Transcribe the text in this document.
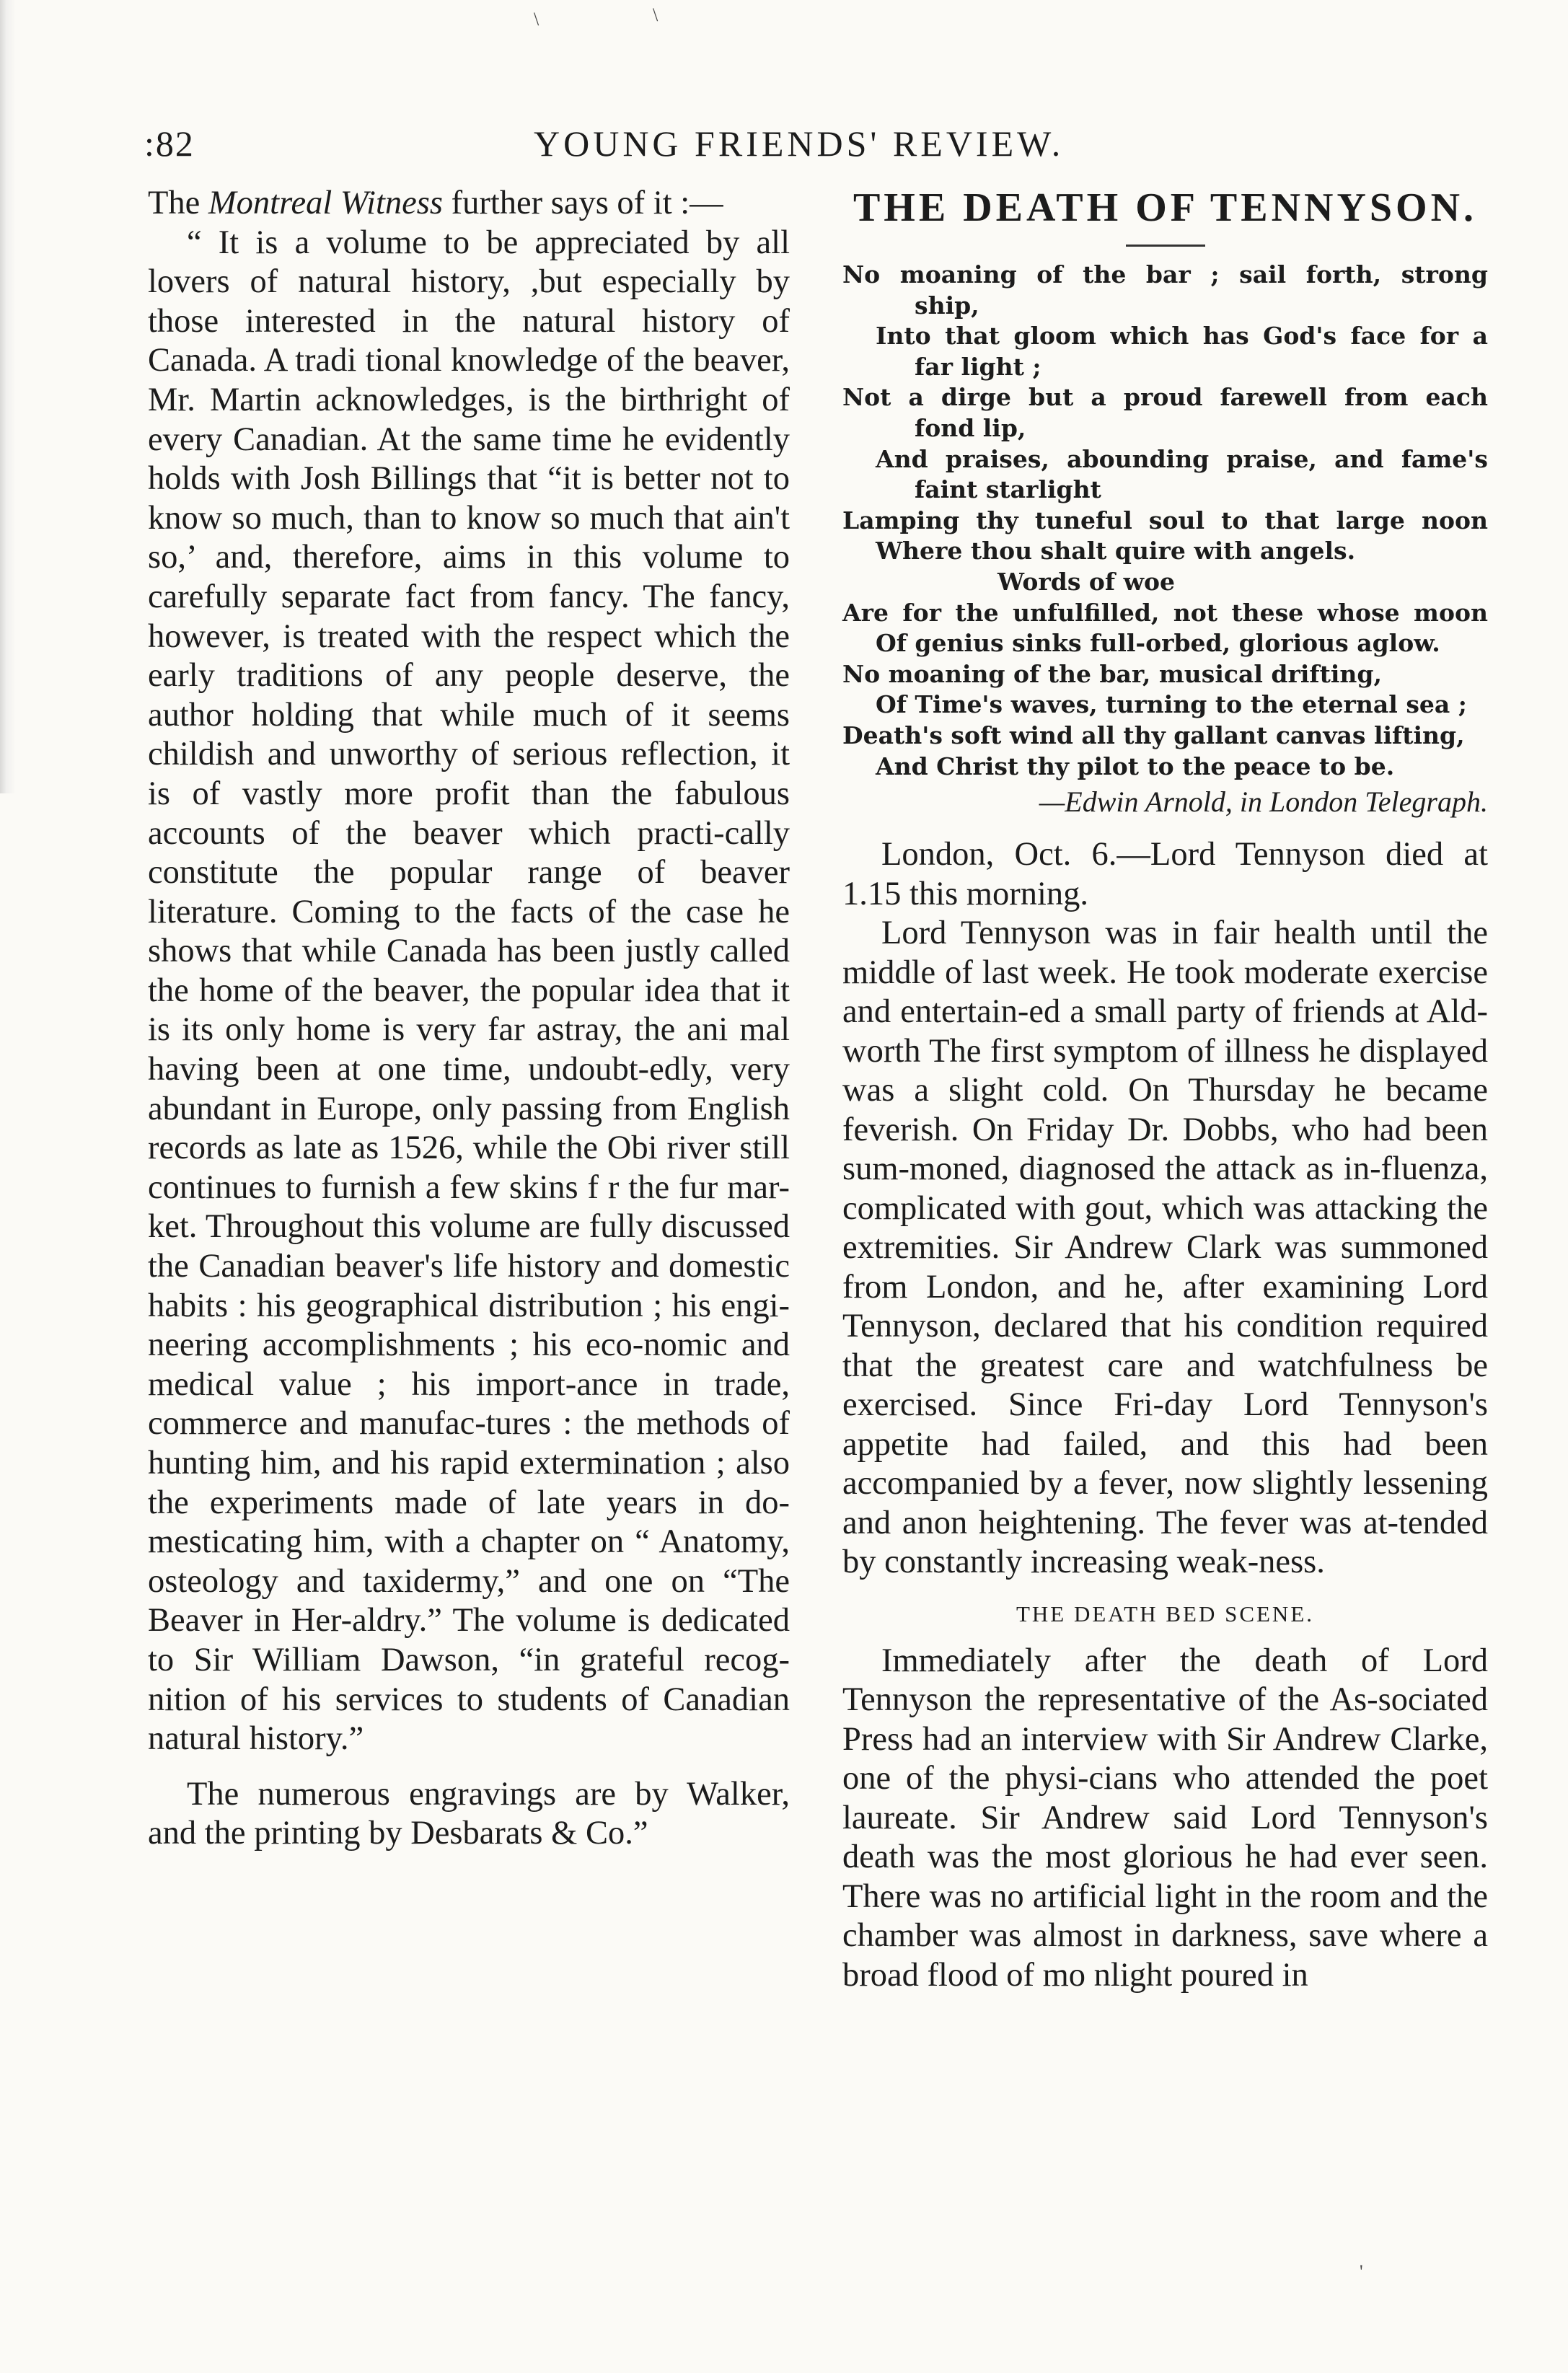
\	\
'
:82	YOUNG FRIENDS' REVIEW.

The Montreal Witness further says of it :—

“ It is a volume to be appreciated by all lovers of natural history, ,but especially by those interested in the natural history of Canada. A tradi tional knowledge of the beaver, Mr. Martin acknowledges, is the birthright of every Canadian. At the same time he evidently holds with Josh Billings that “it is better not to know so much, than to know so much that ain't so,’ and, therefore, aims in this volume to carefully separate fact from fancy. The fancy, however, is treated with the respect which the early traditions of any people deserve, the author holding that while much of it seems childish and unworthy of serious reflection, it is of vastly more profit than the fabulous accounts of the beaver which practi-cally constitute the popular range of beaver literature. Coming to the facts of the case he shows that while Canada has been justly called the home of the beaver, the popular idea that it is its only home is very far astray, the ani mal having been at one time, undoubt-edly, very abundant in Europe, only passing from English records as late as 1526, while the Obi river still continues to furnish a few skins f r the fur mar-ket. Throughout this volume are fully discussed the Canadian beaver's life history and domestic habits : his geographical distribution ; his engi-neering accomplishments ; his eco-nomic and medical value ; his import-ance in trade, commerce and manufac-tures : the methods of hunting him, and his rapid extermination ; also the experiments made of late years in do-mesticating him, with a chapter on “ Anatomy, osteology and taxidermy,” and one on “The Beaver in Her-aldry.” The volume is dedicated to Sir William Dawson, “in grateful recog-nition of his services to students of Canadian natural history.”

The numerous engravings are by Walker, and the printing by Desbarats & Co.”

THE DEATH OF TENNYSON.

No moaning of the bar ; sail forth, strong

ship,

Into that gloom which has God's face for a

far light ;

Not a dirge but a proud farewell from each

fond lip,

And praises, abounding praise, and fame's

faint starlight

Lamping thy tuneful soul to that large noon

Where thou shalt quire with angels.

Words of woe

Are for the unfulfilled, not these whose moon

Of genius sinks full-orbed, glorious aglow.

No moaning of the bar, musical drifting,

Of Time's waves, turning to the eternal sea ;

Death's soft wind all thy gallant canvas lifting,

And Christ thy pilot to the peace to be.

—Edwin Arnold, in London Telegraph.

London, Oct. 6.—Lord Tennyson died at 1.15 this morning.

Lord Tennyson was in fair health until the middle of last week. He took moderate exercise and entertain-ed a small party of friends at Ald-worth The first symptom of illness he displayed was a slight cold. On Thursday he became feverish. On Friday Dr. Dobbs, who had been sum-moned, diagnosed the attack as in-fluenza, complicated with gout, which was attacking the extremities. Sir Andrew Clark was summoned from London, and he, after examining Lord Tennyson, declared that his condition required that the greatest care and watchfulness be exercised. Since Fri-day Lord Tennyson's appetite had failed, and this had been accompanied by a fever, now slightly lessening and anon heightening. The fever was at-tended by constantly increasing weak-ness.

THE DEATH BED SCENE.

Immediately after the death of Lord Tennyson the representative of the As-sociated Press had an interview with Sir Andrew Clarke, one of the physi-cians who attended the poet laureate. Sir Andrew said Lord Tennyson's death was the most glorious he had ever seen. There was no artificial light in the room and the chamber was almost in darkness, save where a broad flood of mo nlight poured in
